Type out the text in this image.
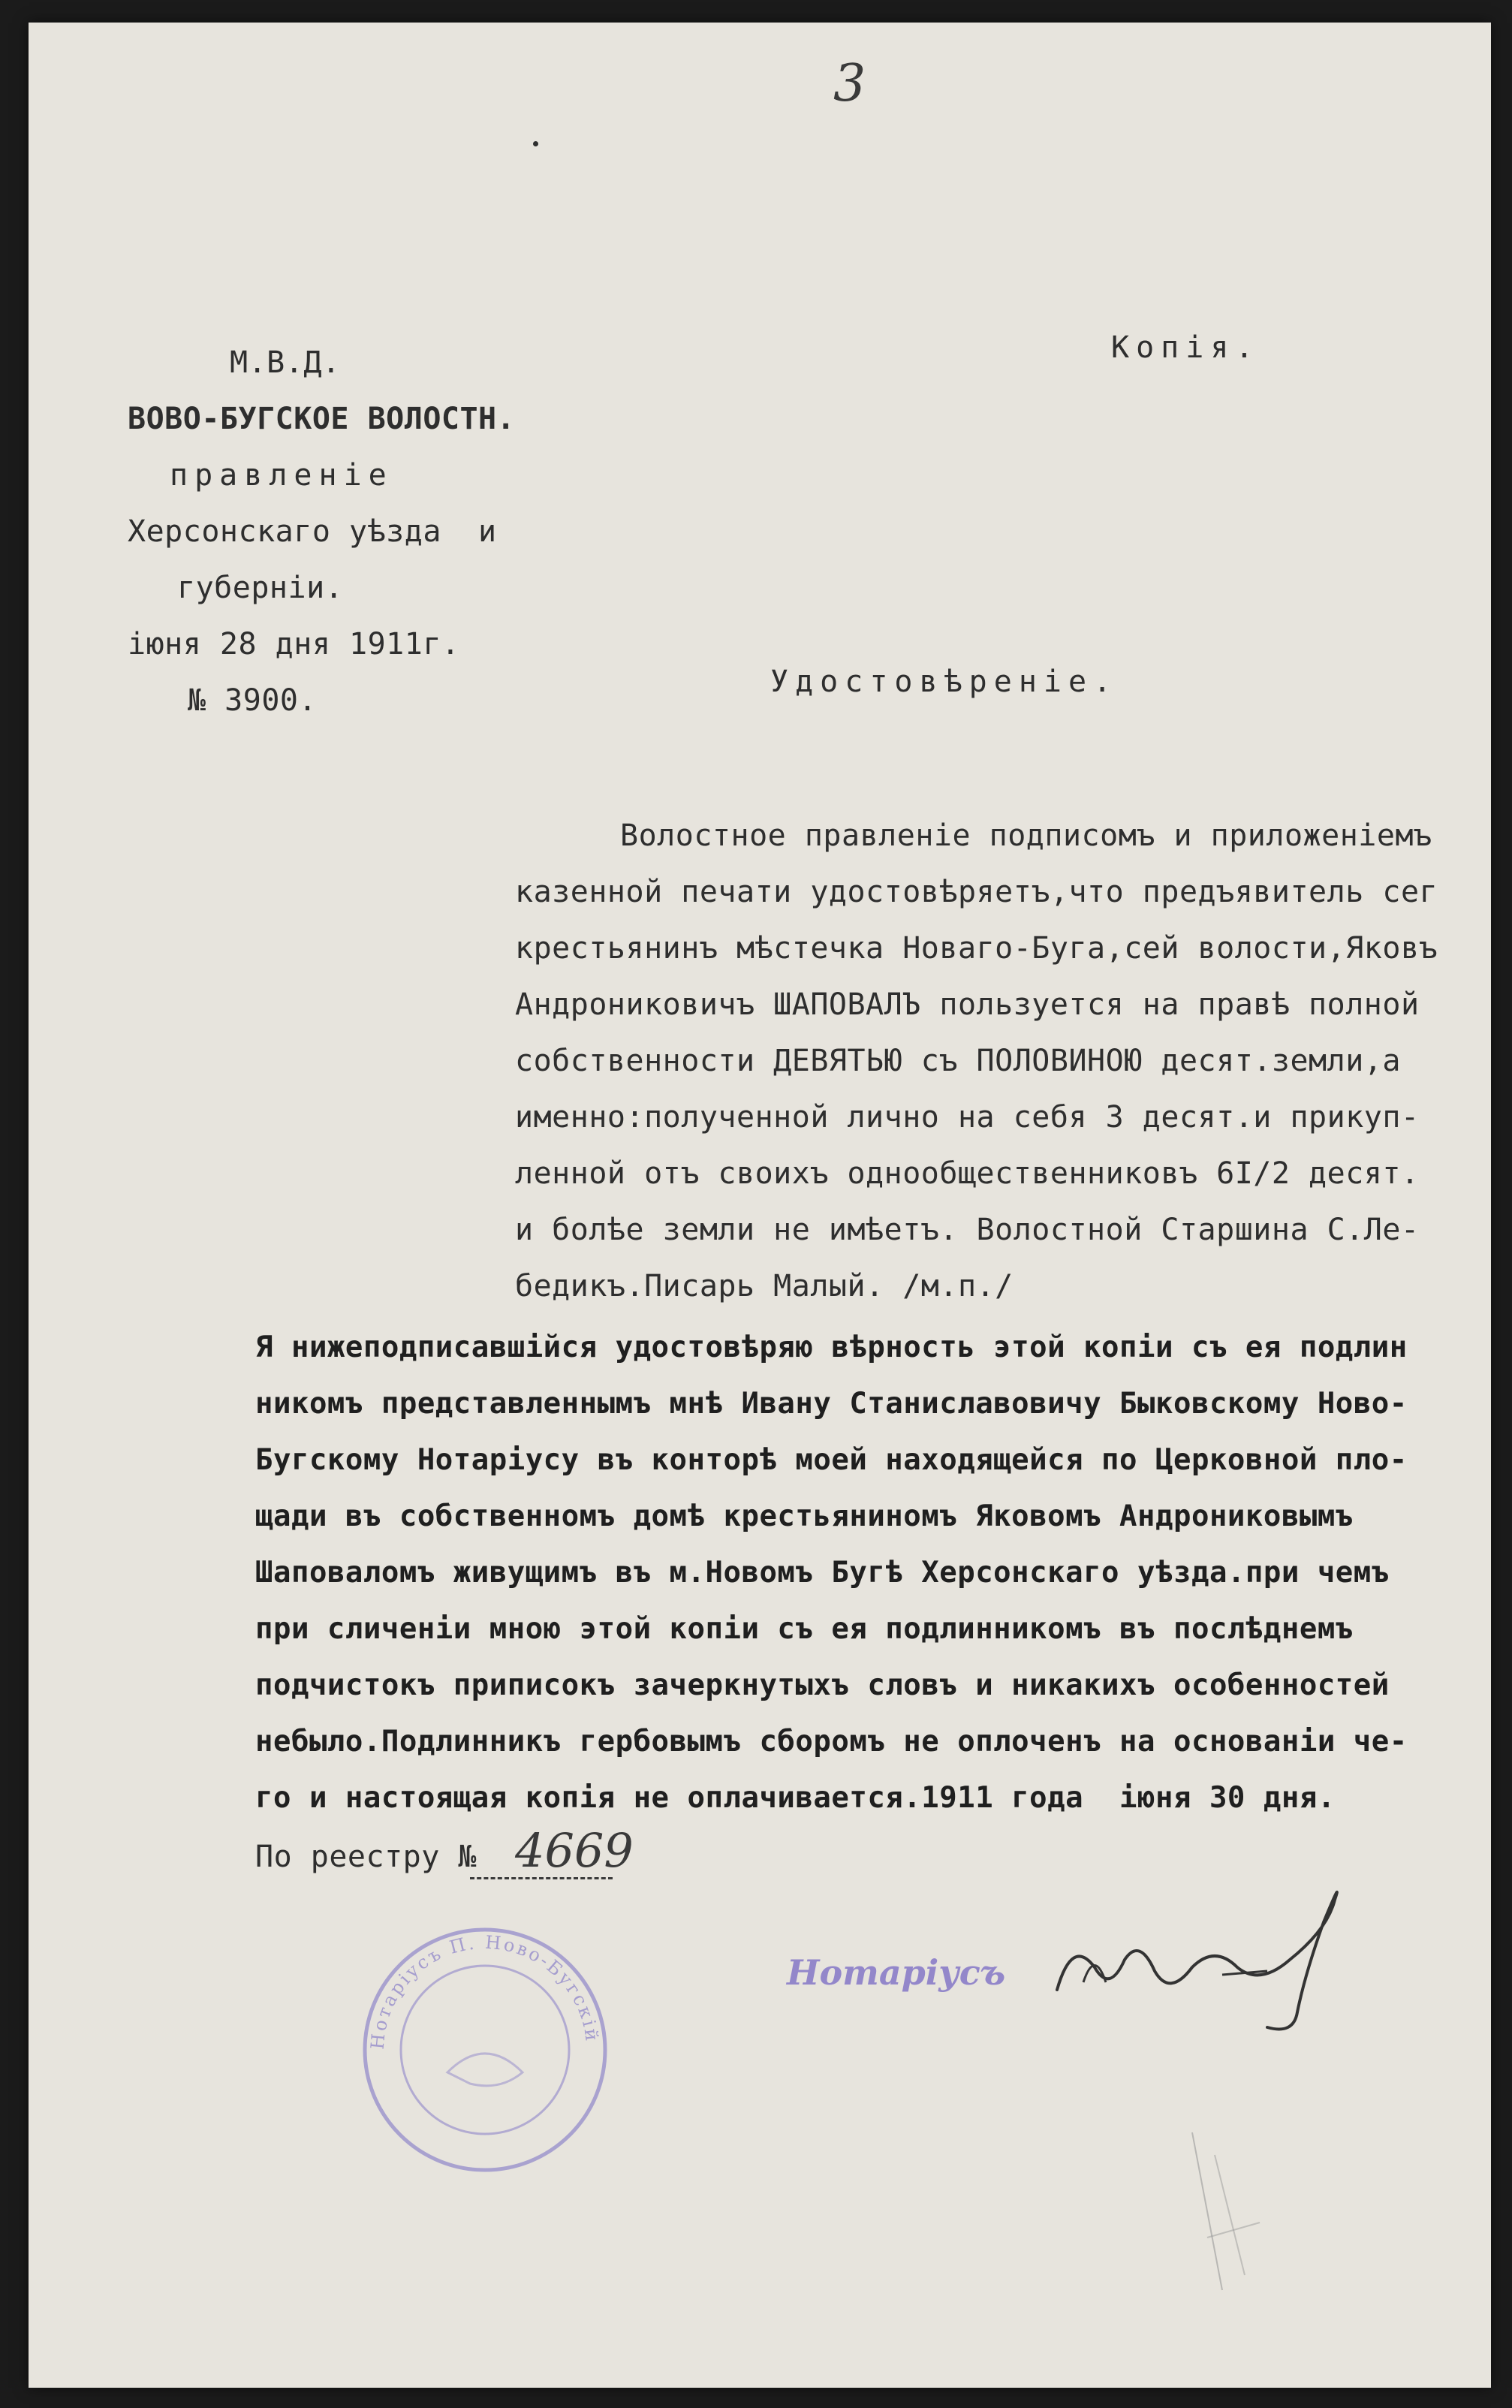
3
М.В.Д.
ВОВО-БУГСКОЕ ВОЛОСТН.
правленіе
Херсонскаго уѣзда  и
губерніи.
іюня 28 дня 1911г.
№ 3900.
Копія.
Удостовѣреніе.
Волостное правленіе подписомъ и приложеніемъ
казенной печати удостовѣряетъ,что предъявитель сег
крестьянинъ мѣстечка Новаго-Буга,сей волости,Яковъ
Андрониковичъ ШАПОВАЛЪ пользуется на правѣ полной
собственности ДЕВЯТЬЮ съ ПОЛОВИНОЮ десят.земли,а
именно:полученной лично на себя 3 десят.и прикуп-
ленной отъ своихъ однообщественниковъ 6I/2 десят.
и болѣе земли не имѣетъ. Волостной Старшина С.Ле-
бедикъ.Писарь Малый. /м.п./
Я нижеподписавшійся удостовѣряю вѣрность этой копіи съ ея подлин
никомъ представленнымъ мнѣ Ивану Станиславовичу Быковскому Ново-
Бугскому Нотаріусу въ конторѣ моей находящейся по Церковной пло-
щади въ собственномъ домѣ крестьяниномъ Яковомъ Андрониковымъ
Шаповаломъ живущимъ въ м.Новомъ Бугѣ Херсонскаго уѣзда.при чемъ
при сличеніи мною этой копіи съ ея подлинникомъ въ послѣднемъ
подчистокъ приписокъ зачеркнутыхъ словъ и никакихъ особенностей
небыло.Подлинникъ гербовымъ сборомъ не оплоченъ на основаніи че-
го и настоящая копія не оплачивается.1911 года  іюня 30 дня.
По реестру № 4669
Нотаріусъ П. Ново-Бугскій
Нотаріусъ
